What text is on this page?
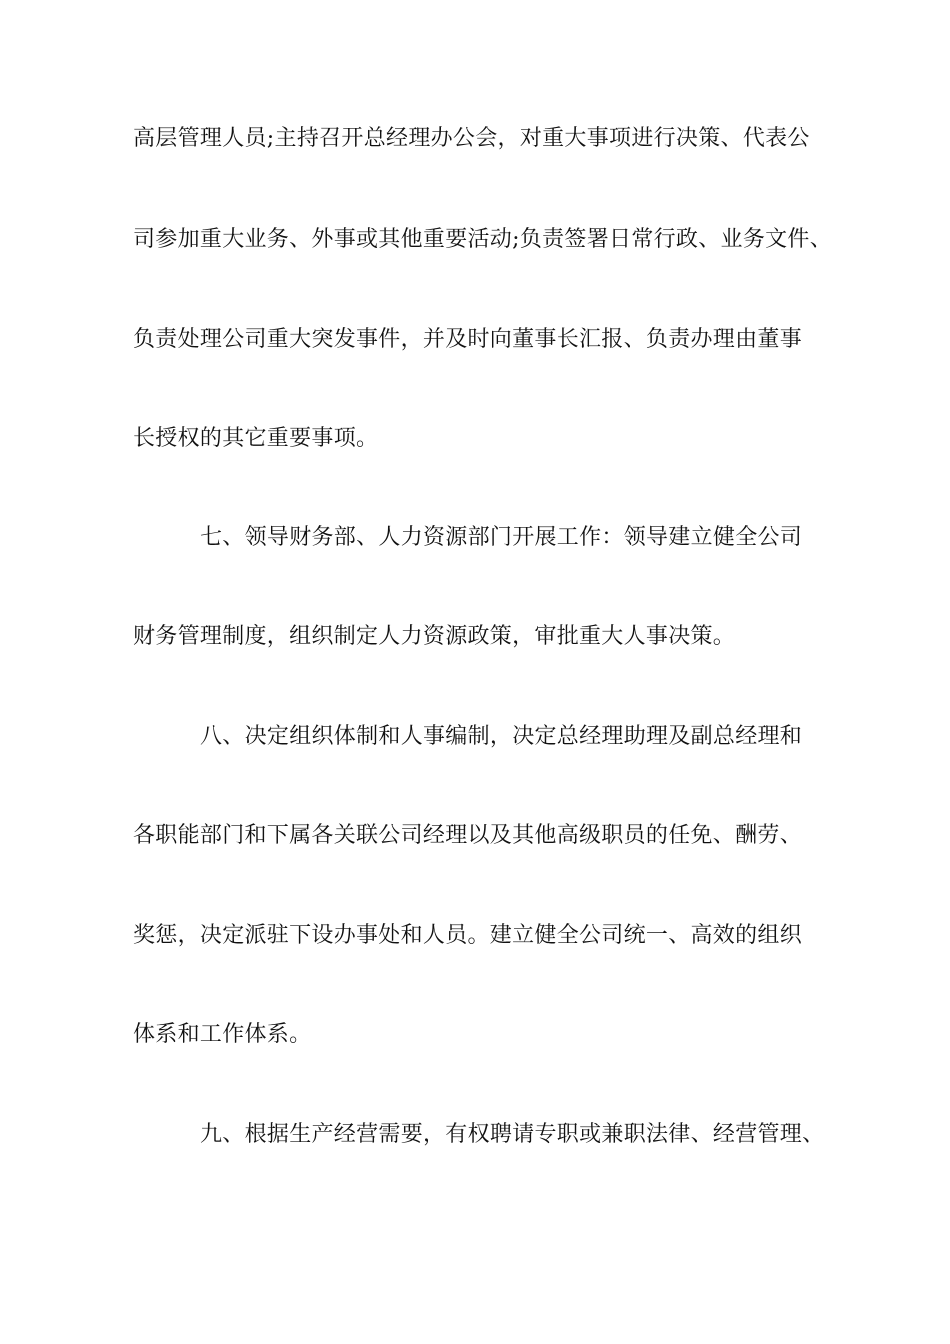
高层管理人员;主持召开总经理办公会，对重大事项进行决策、代表公
司参加重大业务、外事或其他重要活动;负责签署日常行政、业务文件、
负责处理公司重大突发事件，并及时向董事长汇报、负责办理由董事
长授权的其它重要事项。
七、领导财务部、人力资源部门开展工作：领导建立健全公司
财务管理制度，组织制定人力资源政策，审批重大人事决策。
八、决定组织体制和人事编制，决定总经理助理及副总经理和
各职能部门和下属各关联公司经理以及其他高级职员的任免、酬劳、
奖惩，决定派驻下设办事处和人员。建立健全公司统一、高效的组织
体系和工作体系。
九、根据生产经营需要，有权聘请专职或兼职法律、经营管理、
